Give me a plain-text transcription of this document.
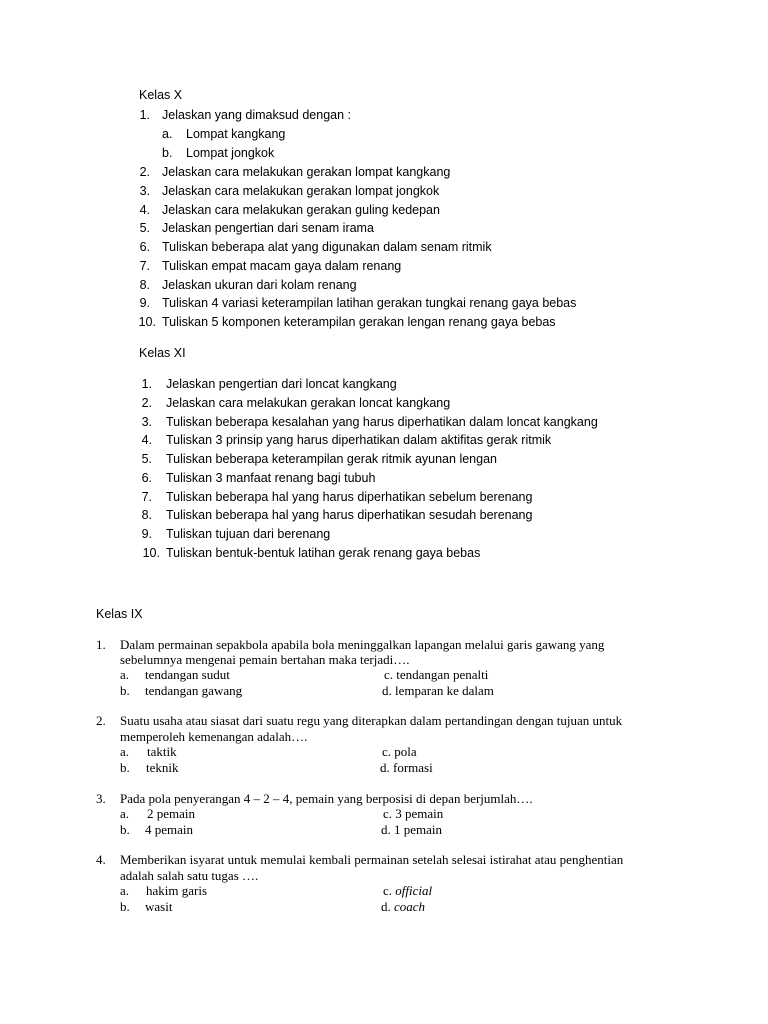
Kelas X
1. Jelaskan yang dimaksud dengan :
a. Lompat kangkang
b. Lompat jongkok
2. Jelaskan cara melakukan gerakan lompat kangkang
3. Jelaskan cara melakukan gerakan lompat jongkok
4. Jelaskan cara melakukan gerakan guling kedepan
5. Jelaskan pengertian dari senam irama
6. Tuliskan beberapa alat yang digunakan dalam senam ritmik
7. Tuliskan empat macam gaya dalam renang
8. Jelaskan ukuran dari kolam renang
9. Tuliskan 4 variasi keterampilan latihan gerakan tungkai renang gaya bebas
10. Tuliskan 5 komponen keterampilan gerakan lengan renang gaya bebas
Kelas XI
1. Jelaskan pengertian dari loncat kangkang
2. Jelaskan cara melakukan gerakan loncat kangkang
3. Tuliskan beberapa kesalahan yang harus diperhatikan dalam loncat kangkang
4. Tuliskan 3 prinsip yang harus diperhatikan dalam aktifitas gerak ritmik
5. Tuliskan beberapa keterampilan gerak ritmik ayunan lengan
6. Tuliskan 3 manfaat renang bagi tubuh
7. Tuliskan beberapa hal yang harus diperhatikan sebelum berenang
8. Tuliskan beberapa hal yang harus diperhatikan sesudah berenang
9. Tuliskan tujuan dari berenang
10. Tuliskan bentuk-bentuk latihan gerak renang gaya bebas
Kelas IX
1. Dalam permainan sepakbola apabila bola meninggalkan lapangan melalui garis gawang yang
sebelumnya mengenai pemain bertahan maka terjadi….
a. tendangan sudut	c. tendangan penalti
b. tendangan gawang	d. lemparan ke dalam
2. Suatu usaha atau siasat dari suatu regu yang diterapkan dalam pertandingan dengan tujuan untuk
memperoleh kemenangan adalah….
a. taktik	c. pola
b. teknik	d. formasi
3. Pada pola penyerangan 4 – 2 – 4, pemain yang berposisi di depan berjumlah….
a. 2 pemain	c. 3 pemain
b. 4 pemain	d. 1 pemain
4. Memberikan isyarat untuk memulai kembali permainan setelah selesai istirahat atau penghentian
adalah salah satu tugas ….
a. hakim garis	c. official
b. wasit	d. coach
